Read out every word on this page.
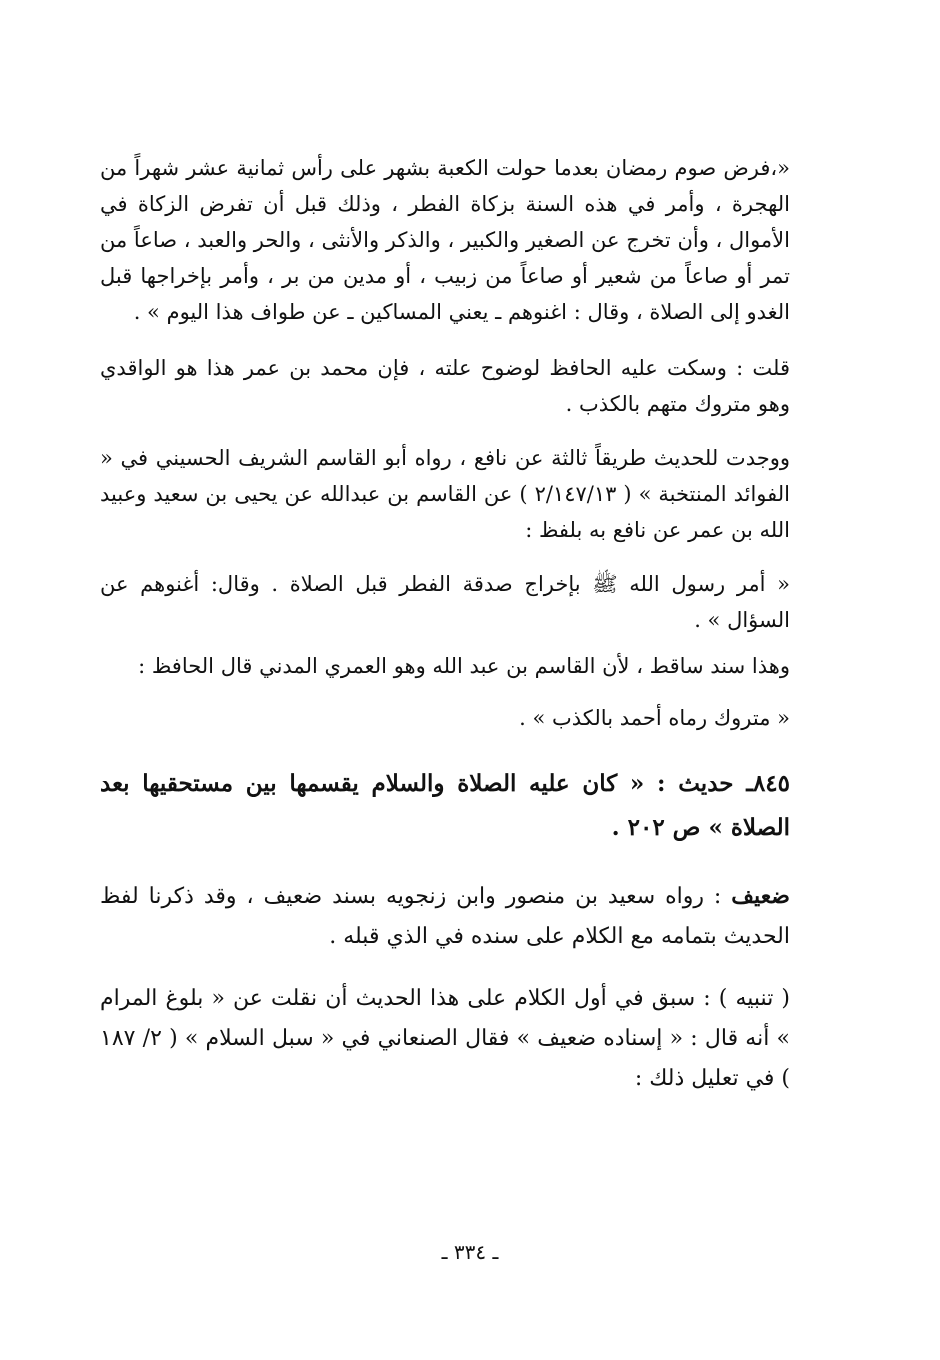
«،فرض صوم رمضان بعدما حولت الكعبة بشهر على رأس ثمانية عشر شهراً من الهجرة ، وأمر في هذه السنة بزكاة الفطر ، وذلك قبل أن تفرض الزكاة في الأموال ، وأن تخرج عن الصغير والكبير ، والذكر والأنثى ، والحر والعبد ، صاعاً من تمر أو صاعاً من شعير أو صاعاً من زبيب ، أو مدين من بر ، وأمر بإخراجها قبل الغدو إلى الصلاة ، وقال : اغنوهم ـ يعني المساكين ـ عن طواف هذا اليوم » .

قلت : وسكت عليه الحافظ لوضوح علته ، فإن محمد بن عمر هذا هو الواقدي وهو متروك متهم بالكذب .

ووجدت للحديث طريقاً ثالثة عن نافع ، رواه أبو القاسم الشريف الحسيني في « الفوائد المنتخبة » ( ٢/١٤٧/١٣ ) عن القاسم بن عبدالله عن يحيى بن سعيد وعبيد الله بن عمر عن نافع به بلفظ :

« أمر رسول الله ﷺ بإخراج صدقة الفطر قبل الصلاة . وقال: أغنوهم عن السؤال » .

وهذا سند ساقط ، لأن القاسم بن عبد الله وهو العمري المدني قال الحافظ :

« متروك رماه أحمد بالكذب » .

٨٤٥ـ حديث : « كان عليه الصلاة والسلام يقسمها بين مستحقيها بعد الصلاة » ص ٢٠٢ .

ضعيف : رواه سعيد بن منصور وابن زنجويه بسند ضعيف ، وقد ذكرنا لفظ الحديث بتمامه مع الكلام على سنده في الذي قبله .

( تنبيه ) : سبق في أول الكلام على هذا الحديث أن نقلت عن « بلوغ المرام » أنه قال : « إسناده ضعيف » فقال الصنعاني في « سبل السلام » ( ٢/ ١٨٧ ) في تعليل ذلك :

ـ ٣٣٤ ـ
